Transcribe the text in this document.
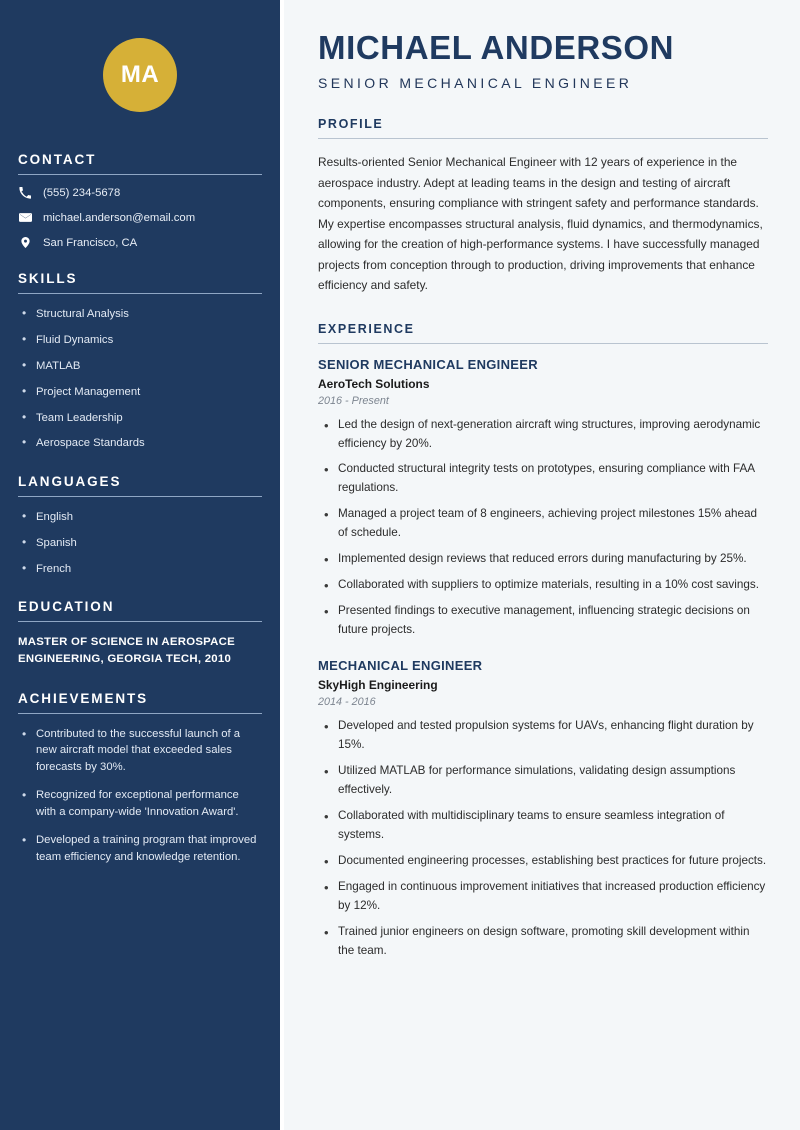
MA
CONTACT
(555) 234-5678
michael.anderson@email.com
San Francisco, CA
SKILLS
• Structural Analysis
• Fluid Dynamics
• MATLAB
• Project Management
• Team Leadership
• Aerospace Standards
LANGUAGES
• English
• Spanish
• French
EDUCATION
MASTER OF SCIENCE IN AEROSPACE ENGINEERING, GEORGIA TECH, 2010
ACHIEVEMENTS
• Contributed to the successful launch of a new aircraft model that exceeded sales forecasts by 30%.
• Recognized for exceptional performance with a company-wide 'Innovation Award'.
• Developed a training program that improved team efficiency and knowledge retention.
MICHAEL ANDERSON
SENIOR MECHANICAL ENGINEER
PROFILE

Results-oriented Senior Mechanical Engineer with 12 years of experience in the aerospace industry. Adept at leading teams in the design and testing of aircraft components, ensuring compliance with stringent safety and performance standards. My expertise encompasses structural analysis, fluid dynamics, and thermodynamics, allowing for the creation of high-performance systems. I have successfully managed projects from conception through to production, driving improvements that enhance efficiency and safety.

EXPERIENCE
SENIOR MECHANICAL ENGINEER
AeroTech Solutions
2016 - Present
• Led the design of next-generation aircraft wing structures, improving aerodynamic efficiency by 20%.
• Conducted structural integrity tests on prototypes, ensuring compliance with FAA regulations.
• Managed a project team of 8 engineers, achieving project milestones 15% ahead of schedule.
• Implemented design reviews that reduced errors during manufacturing by 25%.
• Collaborated with suppliers to optimize materials, resulting in a 10% cost savings.
• Presented findings to executive management, influencing strategic decisions on future projects.
MECHANICAL ENGINEER
SkyHigh Engineering
2014 - 2016
• Developed and tested propulsion systems for UAVs, enhancing flight duration by 15%.
• Utilized MATLAB for performance simulations, validating design assumptions effectively.
• Collaborated with multidisciplinary teams to ensure seamless integration of systems.
• Documented engineering processes, establishing best practices for future projects.
• Engaged in continuous improvement initiatives that increased production efficiency by 12%.
• Trained junior engineers on design software, promoting skill development within the team.
